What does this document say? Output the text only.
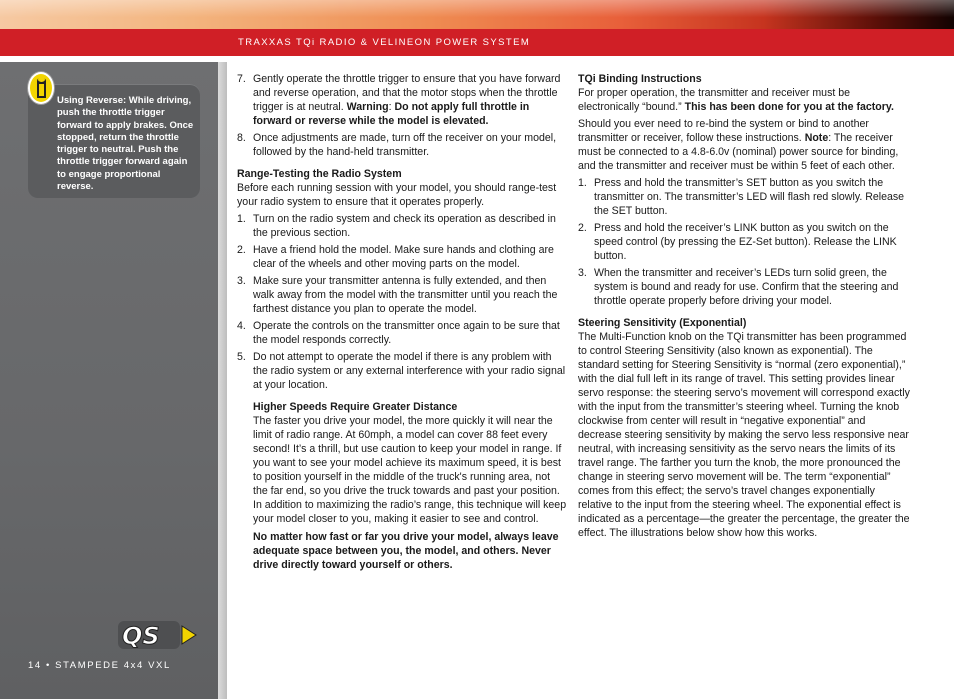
TRAXXAS TQi RADIO & VELINEON POWER SYSTEM
Using Reverse: While driving, push the throttle trigger forward to apply brakes. Once stopped, return the throttle trigger to neutral. Push the throttle trigger forward again to engage proportional reverse.
QS
14 • STAMPEDE 4x4 VXL
7. Gently operate the throttle trigger to ensure that you have forward and reverse operation, and that the motor stops when the throttle trigger is at neutral. Warning: Do not apply full throttle in forward or reverse while the model is elevated.
8. Once adjustments are made, turn off the receiver on your model, followed by the hand-held transmitter.

Range-Testing the Radio System

Before each running session with your model, you should range-test your radio system to ensure that it operates properly.

1. Turn on the radio system and check its operation as described in the previous section.
2. Have a friend hold the model. Make sure hands and clothing are clear of the wheels and other moving parts on the model.
3. Make sure your transmitter antenna is fully extended, and then walk away from the model with the transmitter until you reach the farthest distance you plan to operate the model.
4. Operate the controls on the transmitter once again to be sure that the model responds correctly.
5. Do not attempt to operate the model if there is any problem with the radio system or any external interference with your radio signal at your location.

Higher Speeds Require Greater Distance

The faster you drive your model, the more quickly it will near the limit of radio range. At 60mph, a model can cover 88 feet every second! It’s a thrill, but use caution to keep your model in range. If you want to see your model achieve its maximum speed, it is best to position yourself in the middle of the truck's running area, not the far end, so you drive the truck towards and past your position. In addition to maximizing the radio’s range, this technique will keep your model closer to you, making it easier to see and control.

No matter how fast or far you drive your model, always leave adequate space between you, the model, and others. Never drive directly toward yourself or others.

TQi Binding Instructions

For proper operation, the transmitter and receiver must be electronically “bound.” This has been done for you at the factory.

Should you ever need to re-bind the system or bind to another transmitter or receiver, follow these instructions. Note: The receiver must be connected to a 4.8-6.0v (nominal) power source for binding, and the transmitter and receiver must be within 5 feet of each other.

1. Press and hold the transmitter’s SET button as you switch the transmitter on. The transmitter’s LED will flash red slowly. Release the SET button.
2. Press and hold the receiver’s LINK button as you switch on the speed control (by pressing the EZ-Set button). Release the LINK button.
3. When the transmitter and receiver’s LEDs turn solid green, the system is bound and ready for use. Confirm that the steering and throttle operate properly before driving your model.

Steering Sensitivity (Exponential)

The Multi-Function knob on the TQi transmitter has been programmed to control Steering Sensitivity (also known as exponential). The standard setting for Steering Sensitivity is “normal (zero exponential),” with the dial full left in its range of travel. This setting provides linear servo response: the steering servo’s movement will correspond exactly with the input from the transmitter’s steering wheel. Turning the knob clockwise from center will result in “negative exponential” and decrease steering sensitivity by making the servo less responsive near neutral, with increasing sensitivity as the servo nears the limits of its travel range. The farther you turn the knob, the more pronounced the change in steering servo movement will be. The term “exponential” comes from this effect; the servo’s travel changes exponentially relative to the input from the steering wheel. The exponential effect is indicated as a percentage—the greater the percentage, the greater the effect. The illustrations below show how this works.
